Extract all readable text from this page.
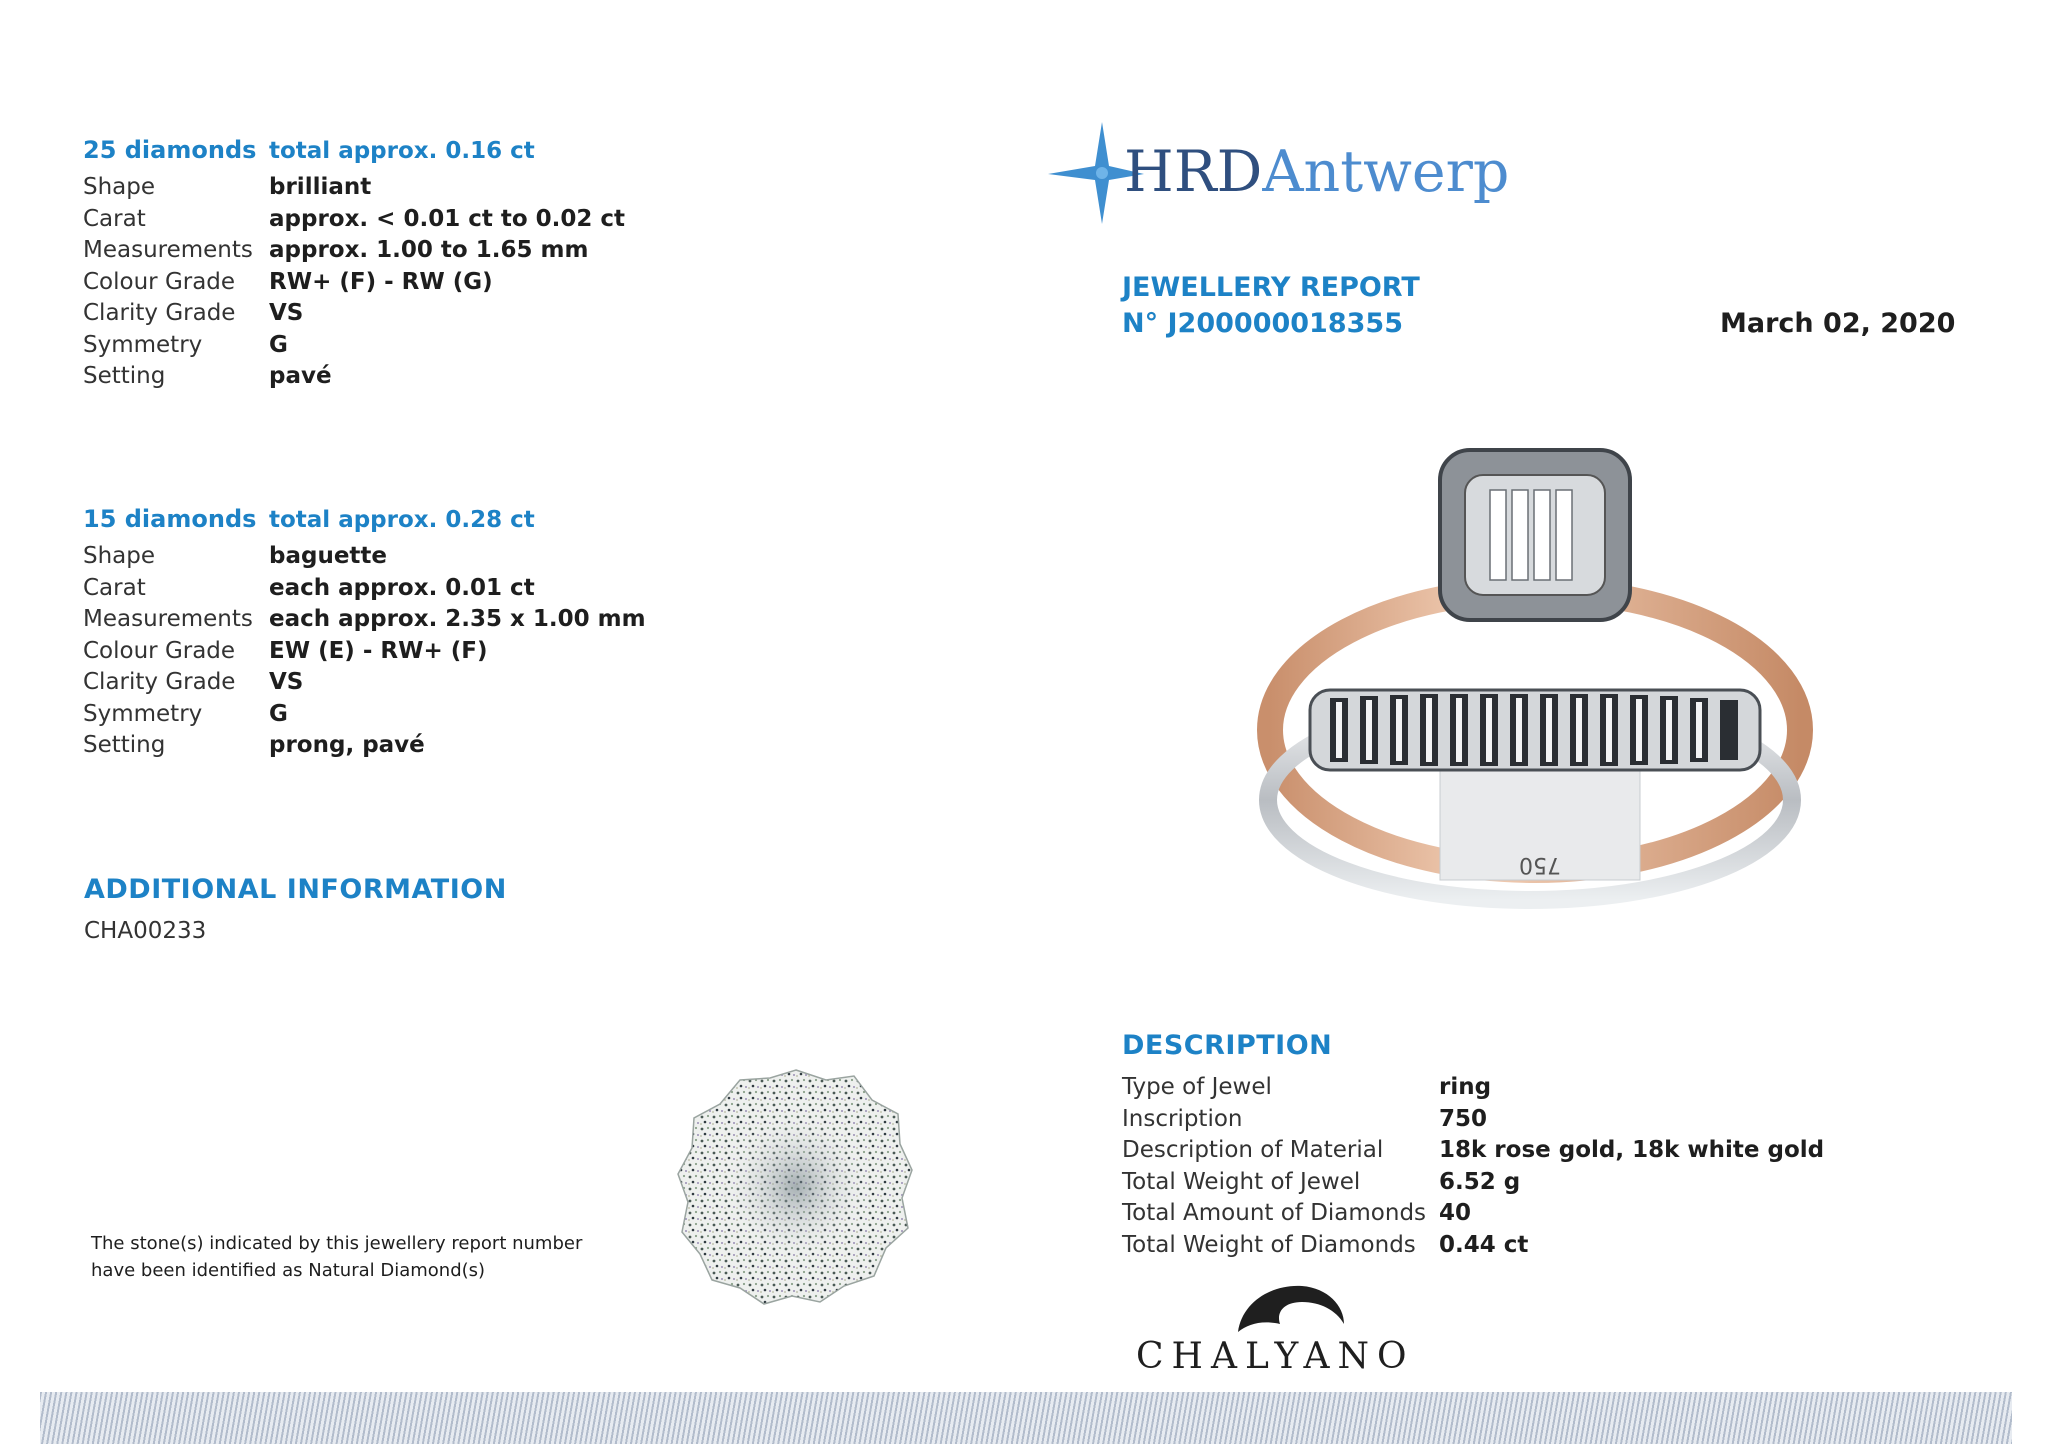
25 diamonds total approx. 0.16 ct
Shape	brilliant
Carat	approx. < 0.01 ct to 0.02 ct
Measurements approx. 1.00 to 1.65 mm
Colour Grade	RW+ (F) - RW (G)
Clarity Grade	VS
Symmetry	G
Setting	pavé
15 diamonds total approx. 0.28 ct
Shape	baguette
Carat	each approx. 0.01 ct
Measurements each approx. 2.35 x 1.00 mm
Colour Grade	EW (E) - RW+ (F)
Clarity Grade	VS
Symmetry	G
Setting	prong, pavé
ADDITIONAL INFORMATION
CHA00233
The stone(s) indicated by this jewellery report number
have been identified as Natural Diamond(s)
HRDAntwerp
JEWELLERY REPORT
N° J200000018355	March 02, 2020
750
DESCRIPTION
Type of Jewel	ring
Inscription	750
Description of Material	18k rose gold, 18k white gold
Total Weight of Jewel	6.52 g
Total Amount of Diamonds 40
Total Weight of Diamonds	0.44 ct
CHALYANO
